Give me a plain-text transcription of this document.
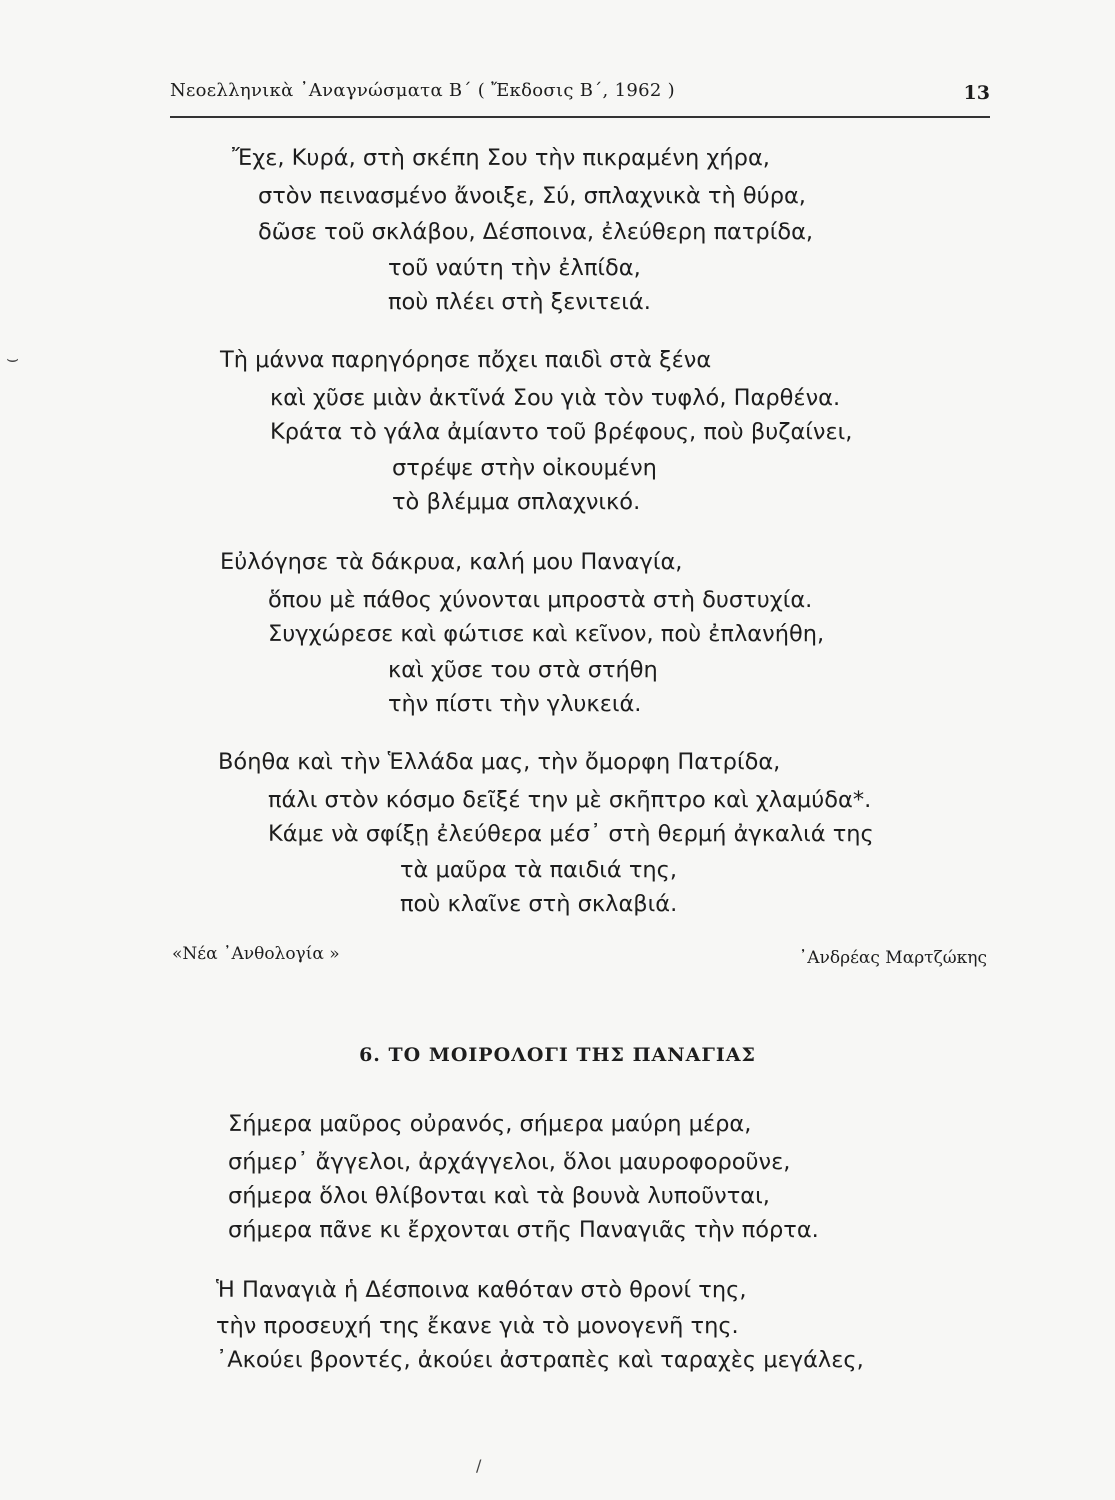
Νεοελληνικὰ ᾿Αναγνώσματα Β΄ ( Ἔκδοσις Β΄, 1962 )	13
Ἔχε, Κυρά, στὴ σκέπη Σου τὴν πικραμένη χήρα,
στὸν πεινασμένο ἄνοιξε, Σύ, σπλαχνικὰ τὴ θύρα,
δῶσε τοῦ σκλάβου, Δέσποινα, ἐλεύθερη πατρίδα,
τοῦ ναύτη τὴν ἐλπίδα,
ποὺ πλέει στὴ ξενιτειά.
Τὴ μάννα παρηγόρησε πὄχει παιδὶ στὰ ξένα
καὶ χῦσε μιὰν ἀκτῖνά Σου γιὰ τὸν τυφλό, Παρθένα.
Κράτα τὸ γάλα ἀμίαντο τοῦ βρέφους, ποὺ βυζαίνει,
στρέψε στὴν οἰκουμένη
τὸ βλέμμα σπλαχνικό.
Εὐλόγησε τὰ δάκρυα, καλή μου Παναγία,
ὅπου μὲ πάθος χύνονται μπροστὰ στὴ δυστυχία.
Συγχώρεσε καὶ φώτισε καὶ κεῖνον, ποὺ ἐπλανήθη,
καὶ χῦσε του στὰ στήθη
τὴν πίστι τὴν γλυκειά.
Βόηθα καὶ τὴν Ἑλλάδα μας, τὴν ὄμορφη Πατρίδα,
πάλι στὸν κόσμο δεῖξέ την μὲ σκῆπτρο καὶ χλαμύδα*.
Κάμε νὰ σφίξῃ ἐλεύθερα μέσ᾿ στὴ θερμή ἀγκαλιά της
τὰ μαῦρα τὰ παιδιά της,
ποὺ κλαῖνε στὴ σκλαβιά.
«Νέα ᾿Ανθολογία »	᾿Ανδρέας Μαρτζώκης
6. ΤΟ ΜΟΙΡΟΛΟΓΙ ΤΗΣ ΠΑΝΑΓΙΑΣ
Σήμερα μαῦρος οὐρανός, σήμερα μαύρη μέρα,
σήμερ᾿ ἄγγελοι, ἀρχάγγελοι, ὅλοι μαυροφοροῦνε,
σήμερα ὅλοι θλίβονται καὶ τὰ βουνὰ λυποῦνται,
σήμερα πᾶνε κι ἔρχονται στῆς Παναγιᾶς τὴν πόρτα.
Ἡ Παναγιὰ ἡ Δέσποινα καθόταν στὸ θρονί της,
τὴν προσευχή της ἔκανε γιὰ τὸ μονογενῆ της.
᾿Ακούει βροντές, ἀκούει ἀστραπὲς καὶ ταραχὲς μεγάλες,
⌣
/
